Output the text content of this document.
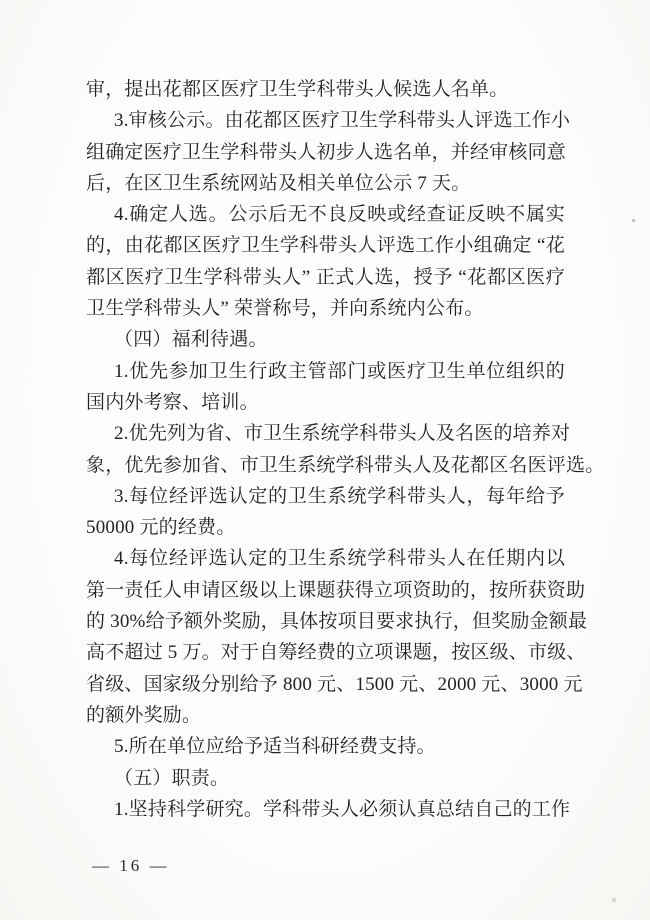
审，提出花都区医疗卫生学科带头人候选人名单。
3.审核公示。由花都区医疗卫生学科带头人评选工作小
组确定医疗卫生学科带头人初步人选名单，并经审核同意
后，在区卫生系统网站及相关单位公示 7 天。
4.确定人选。公示后无不良反映或经查证反映不属实
的，由花都区医疗卫生学科带头人评选工作小组确定 “花
都区医疗卫生学科带头人” 正式人选，授予 “花都区医疗
卫生学科带头人” 荣誉称号，并向系统内公布。
（四）福利待遇。
1.优先参加卫生行政主管部门或医疗卫生单位组织的
国内外考察、培训。
2.优先列为省、市卫生系统学科带头人及名医的培养对
象，优先参加省、市卫生系统学科带头人及花都区名医评选。
3.每位经评选认定的卫生系统学科带头人，每年给予
50000 元的经费。
4.每位经评选认定的卫生系统学科带头人在任期内以
第一责任人申请区级以上课题获得立项资助的，按所获资助
的 30%给予额外奖励，具体按项目要求执行，但奖励金额最
高不超过 5 万。对于自筹经费的立项课题，按区级、市级、
省级、国家级分别给予 800 元、1500 元、2000 元、3000 元
的额外奖励。
5.所在单位应给予适当科研经费支持。
（五）职责。
1.坚持科学研究。学科带头人必须认真总结自己的工作
— 16 —
